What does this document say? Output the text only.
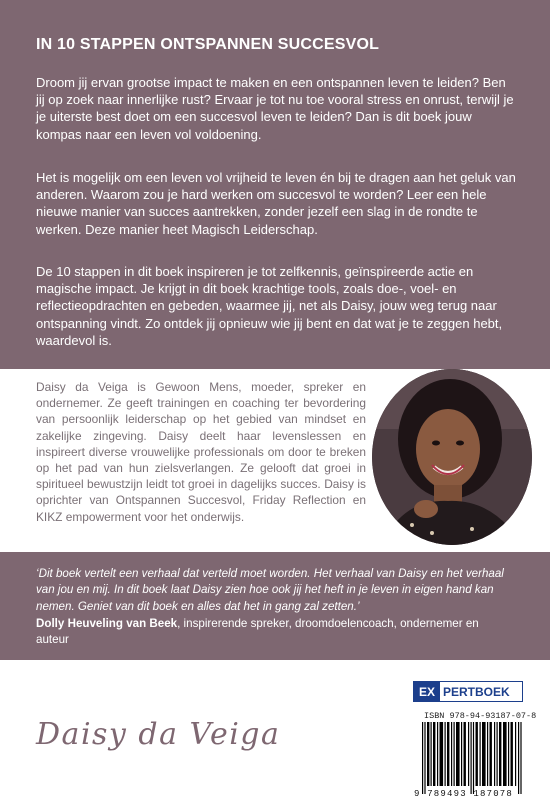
IN 10 STAPPEN ONTSPANNEN SUCCESVOL
Droom jij ervan grootse impact te maken en een ontspannen leven te leiden? Ben jij op zoek naar innerlijke rust? Ervaar je tot nu toe vooral stress en onrust, terwijl je je uiterste best doet om een succesvol leven te leiden? Dan is dit boek jouw kompas naar een leven vol voldoening.
Het is mogelijk om een leven vol vrijheid te leven én bij te dragen aan het geluk van anderen. Waarom zou je hard werken om succesvol te worden? Leer een hele nieuwe manier van succes aantrekken, zonder jezelf een slag in de rondte te werken. Deze manier heet Magisch Leiderschap.
De 10 stappen in dit boek inspireren je tot zelfkennis, geïnspireerde actie en magische impact. Je krijgt in dit boek krachtige tools, zoals doe-, voel- en reflectieopdrachten en gebeden, waarmee jij, net als Daisy, jouw weg terug naar ontspanning vindt. Zo ontdek jij opnieuw wie jij bent en dat wat je te zeggen hebt, waardevol is.
Daisy da Veiga is Gewoon Mens, moeder, spreker en ondernemer. Ze geeft trainingen en coaching ter bevordering van persoonlijk leiderschap op het gebied van mindset en zakelijke zingeving. Daisy deelt haar levenslessen en inspireert diverse vrouwelijke professionals om door te breken op het pad van hun zielsverlangen. Ze gelooft dat groei in spiritueel bewustzijn leidt tot groei in dagelijks succes. Daisy is oprichter van Ontspannen Succesvol, Friday Reflection en KIKZ empowerment voor het onderwijs.
‘Dit boek vertelt een verhaal dat verteld moet worden. Het verhaal van Daisy en het verhaal van jou en mij. In dit boek laat Daisy zien hoe ook jij het heft in je leven in eigen hand kan nemen. Geniet van dit boek en alles dat het in gang zal zetten.’
Dolly Heuveling van Beek, inspirerende spreker, droomdoelencoach, ondernemer en auteur
Daisy da Veiga
EX PERTBOEK
ISBN 978-94-93187-07-8
9 789493 187078
